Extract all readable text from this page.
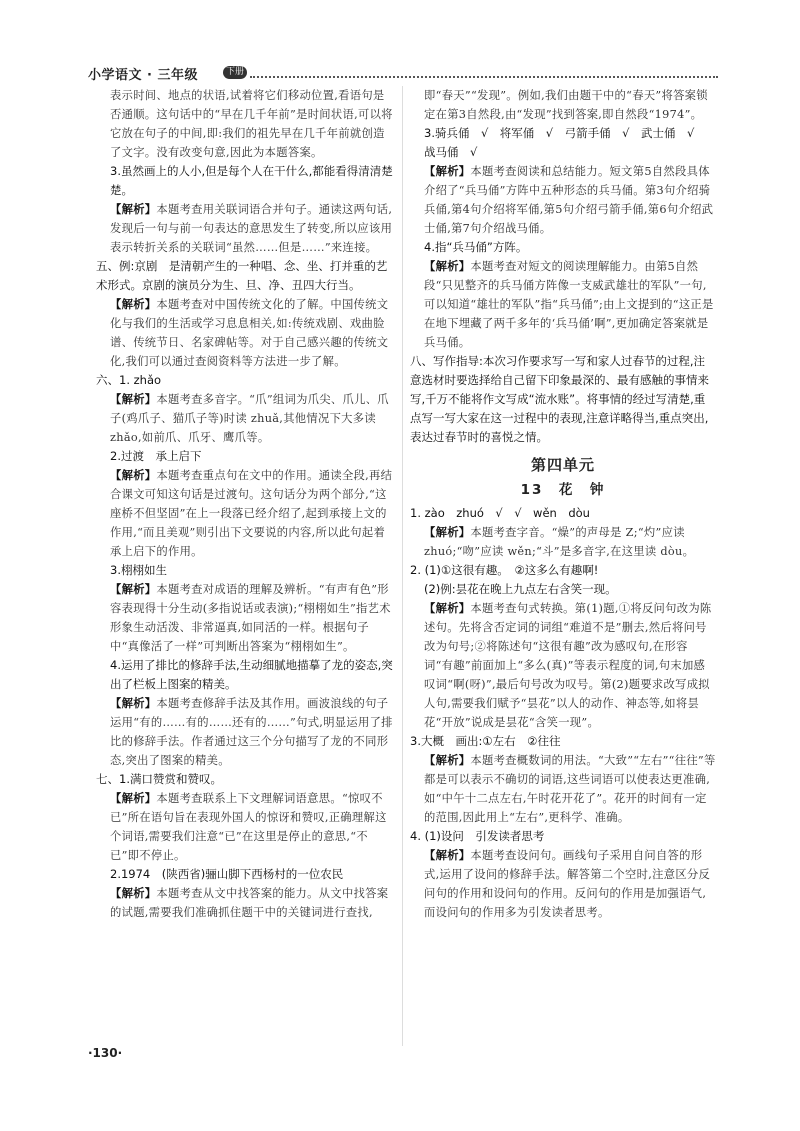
小学语文 · 三年级	下册
表示时间、地点的状语,试着将它们移动位置,看语句是否通顺。这句话中的“早在几千年前”是时间状语,可以将它放在句子的中间,即:我们的祖先早在几千年前就创造了文字。没有改变句意,因此为本题答案。
3.虽然画上的人小,但是每个人在干什么,都能看得清清楚楚。
【解析】本题考查用关联词语合并句子。通读这两句话,发现后一句与前一句表达的意思发生了转变,所以应该用表示转折关系的关联词“虽然……但是……”来连接。
五、例:京剧　是清朝产生的一种唱、念、坐、打并重的艺术形式。京剧的演员分为生、旦、净、丑四大行当。
【解析】本题考查对中国传统文化的了解。中国传统文化与我们的生活或学习息息相关,如:传统戏剧、戏曲脸谱、传统节日、名家碑帖等。对于自己感兴趣的传统文化,我们可以通过查阅资料等方法进一步了解。
六、1. zhǎo
【解析】本题考查多音字。“爪”组词为爪尖、爪儿、爪子(鸡爪子、猫爪子等)时读 zhuǎ,其他情况下大多读 zhǎo,如前爪、爪牙、鹰爪等。
2.过渡　承上启下
【解析】本题考查重点句在文中的作用。通读全段,再结合课文可知这句话是过渡句。这句话分为两个部分,“这座桥不但坚固”在上一段落已经介绍了,起到承接上文的作用,“而且美观”则引出下文要说的内容,所以此句起着承上启下的作用。
3.栩栩如生
【解析】本题考查对成语的理解及辨析。“有声有色”形容表现得十分生动(多指说话或表演);“栩栩如生”指艺术形象生动活泼、非常逼真,如同活的一样。根据句子中“真像活了一样”可判断出答案为“栩栩如生”。
4.运用了排比的修辞手法,生动细腻地描摹了龙的姿态,突出了栏板上图案的精美。
【解析】本题考查修辞手法及其作用。画波浪线的句子运用“有的……有的……还有的……”句式,明显运用了排比的修辞手法。作者通过这三个分句描写了龙的不同形态,突出了图案的精美。
七、1.满口赞赏和赞叹。
【解析】本题考查联系上下文理解词语意思。“惊叹不已”所在语句旨在表现外国人的惊讶和赞叹,正确理解这个词语,需要我们注意“已”在这里是停止的意思,“不已”即不停止。
2.1974　(陕西省)骊山脚下西杨村的一位农民
【解析】本题考查从文中找答案的能力。从文中找答案的试题,需要我们准确抓住题干中的关键词进行查找,
即“春天”“发现”。例如,我们由题干中的“春天”将答案锁定在第3自然段,由“发现”找到答案,即自然段“1974”。
3.骑兵俑　√　将军俑　√　弓箭手俑　√　武士俑　√　战马俑　√
【解析】本题考查阅读和总结能力。短文第5自然段具体介绍了“兵马俑”方阵中五种形态的兵马俑。第3句介绍骑兵俑,第4句介绍将军俑,第5句介绍弓箭手俑,第6句介绍武士俑,第7句介绍战马俑。
4.指“兵马俑”方阵。
【解析】本题考查对短文的阅读理解能力。由第5自然段“只见整齐的兵马俑方阵像一支威武雄壮的军队”一句,可以知道“雄壮的军队”指“兵马俑”;由上文提到的“这正是在地下埋藏了两千多年的‘兵马俑’啊”,更加确定答案就是兵马俑。
八、写作指导:本次习作要求写一写和家人过春节的过程,注意选材时要选择给自己留下印象最深的、最有感触的事情来写,千万不能将作文写成“流水账”。将事情的经过写清楚,重点写一写大家在这一过程中的表现,注意详略得当,重点突出,表达过春节时的喜悦之情。
第四单元
13　花　钟
1. zào　zhuó　√　√　wěn　dòu
【解析】本题考查字音。“燥”的声母是 Z;“灼”应读 zhuó;“吻”应读 wěn;“斗”是多音字,在这里读 dòu。
2. (1)①这很有趣。　②这多么有趣啊!
(2)例:昙花在晚上九点左右含笑一现。
【解析】本题考查句式转换。第(1)题,①将反问句改为陈述句。先将含否定词的词组“难道不是”删去,然后将问号改为句号;②将陈述句“这很有趣”改为感叹句,在形容词“有趣”前面加上“多么(真)”等表示程度的词,句末加感叹词“啊(呀)”,最后句号改为叹号。第(2)题要求改写成拟人句,需要我们赋予“昙花”以人的动作、神态等,如将昙花“开放”说成是昙花“含笑一现”。
3.大概　画出:①左右　②往往
【解析】本题考查概数词的用法。“大致”“左右”“往往”等都是可以表示不确切的词语,这些词语可以使表达更准确,如“中午十二点左右,午时花开花了”。花开的时间有一定的范围,因此用上“左右”,更科学、准确。
4. (1)设问　引发读者思考
【解析】本题考查设问句。画线句子采用自问自答的形式,运用了设问的修辞手法。解答第二个空时,注意区分反问句的作用和设问句的作用。反问句的作用是加强语气,而设问句的作用多为引发读者思考。
·130·
